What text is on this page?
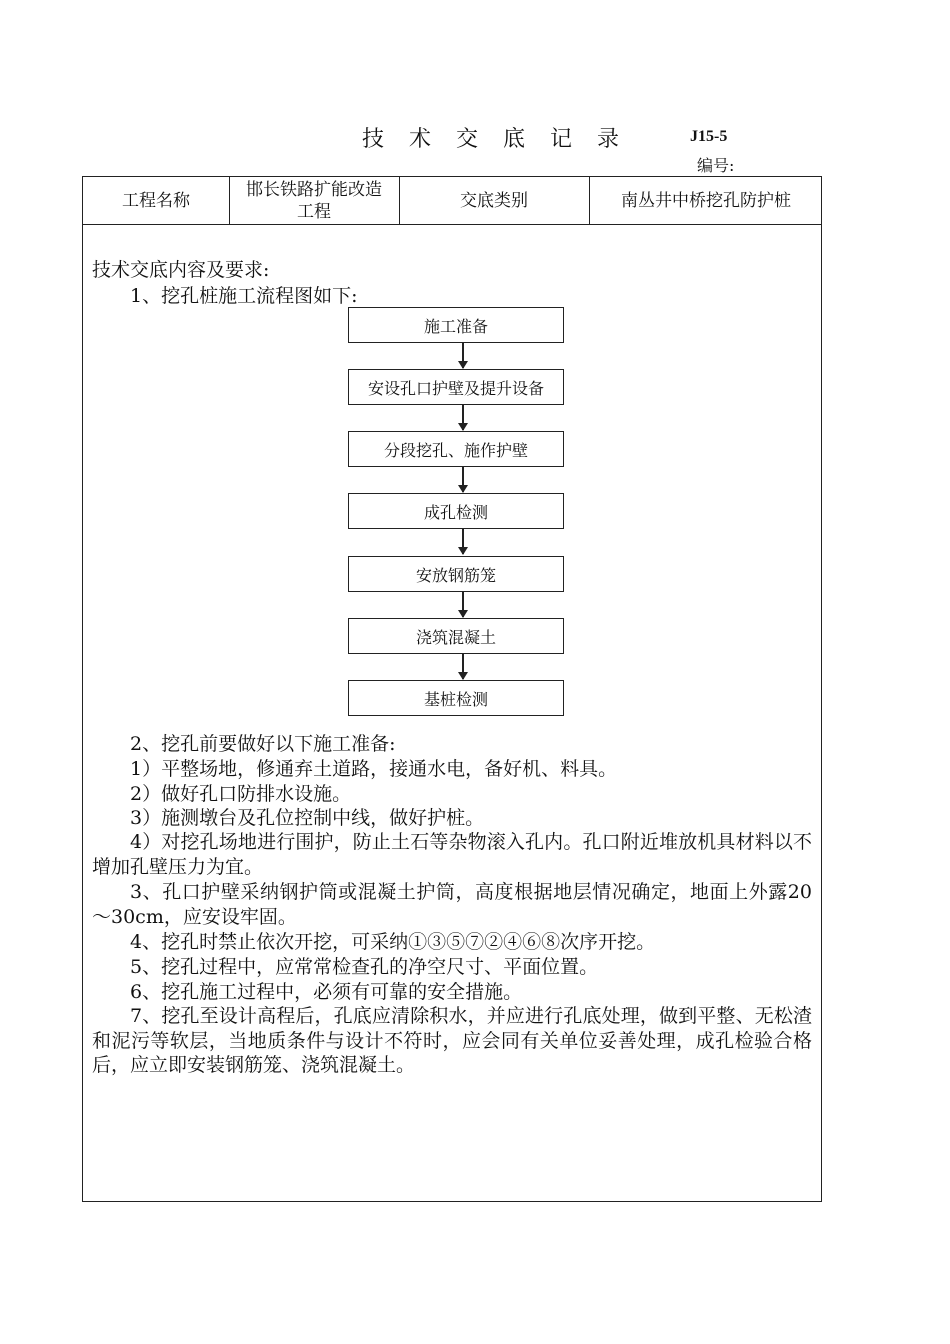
技 术 交 底 记 录	J15-5
编号:
工程名称
邯长铁路扩能改造工程
交底类别	南丛井中桥挖孔防护桩
技术交底内容及要求:
1、挖孔桩施工流程图如下:
施工准备
安设孔口护壁及提升设备
分段挖孔、施作护壁
成孔检测
安放钢筋笼
浇筑混凝土
基桩检测
2、挖孔前要做好以下施工准备:
1）平整场地，修通弃土道路，接通水电，备好机、料具。
2）做好孔口防排水设施。
3）施测墩台及孔位控制中线，做好护桩。
4）对挖孔场地进行围护，防止土石等杂物滚入孔内。孔口附近堆放机具材料以不增加孔壁压力为宜。
3、孔口护壁采纳钢护筒或混凝土护筒，高度根据地层情况确定，地面上外露20～30cm，应安设牢固。
4、挖孔时禁止依次开挖，可采纳①③⑤⑦②④⑥⑧次序开挖。
5、挖孔过程中，应常常检查孔的净空尺寸、平面位置。
6、挖孔施工过程中，必须有可靠的安全措施。
7、挖孔至设计高程后，孔底应清除积水，并应进行孔底处理，做到平整、无松渣和泥污等软层，当地质条件与设计不符时，应会同有关单位妥善处理，成孔检验合格后，应立即安装钢筋笼、浇筑混凝土。
